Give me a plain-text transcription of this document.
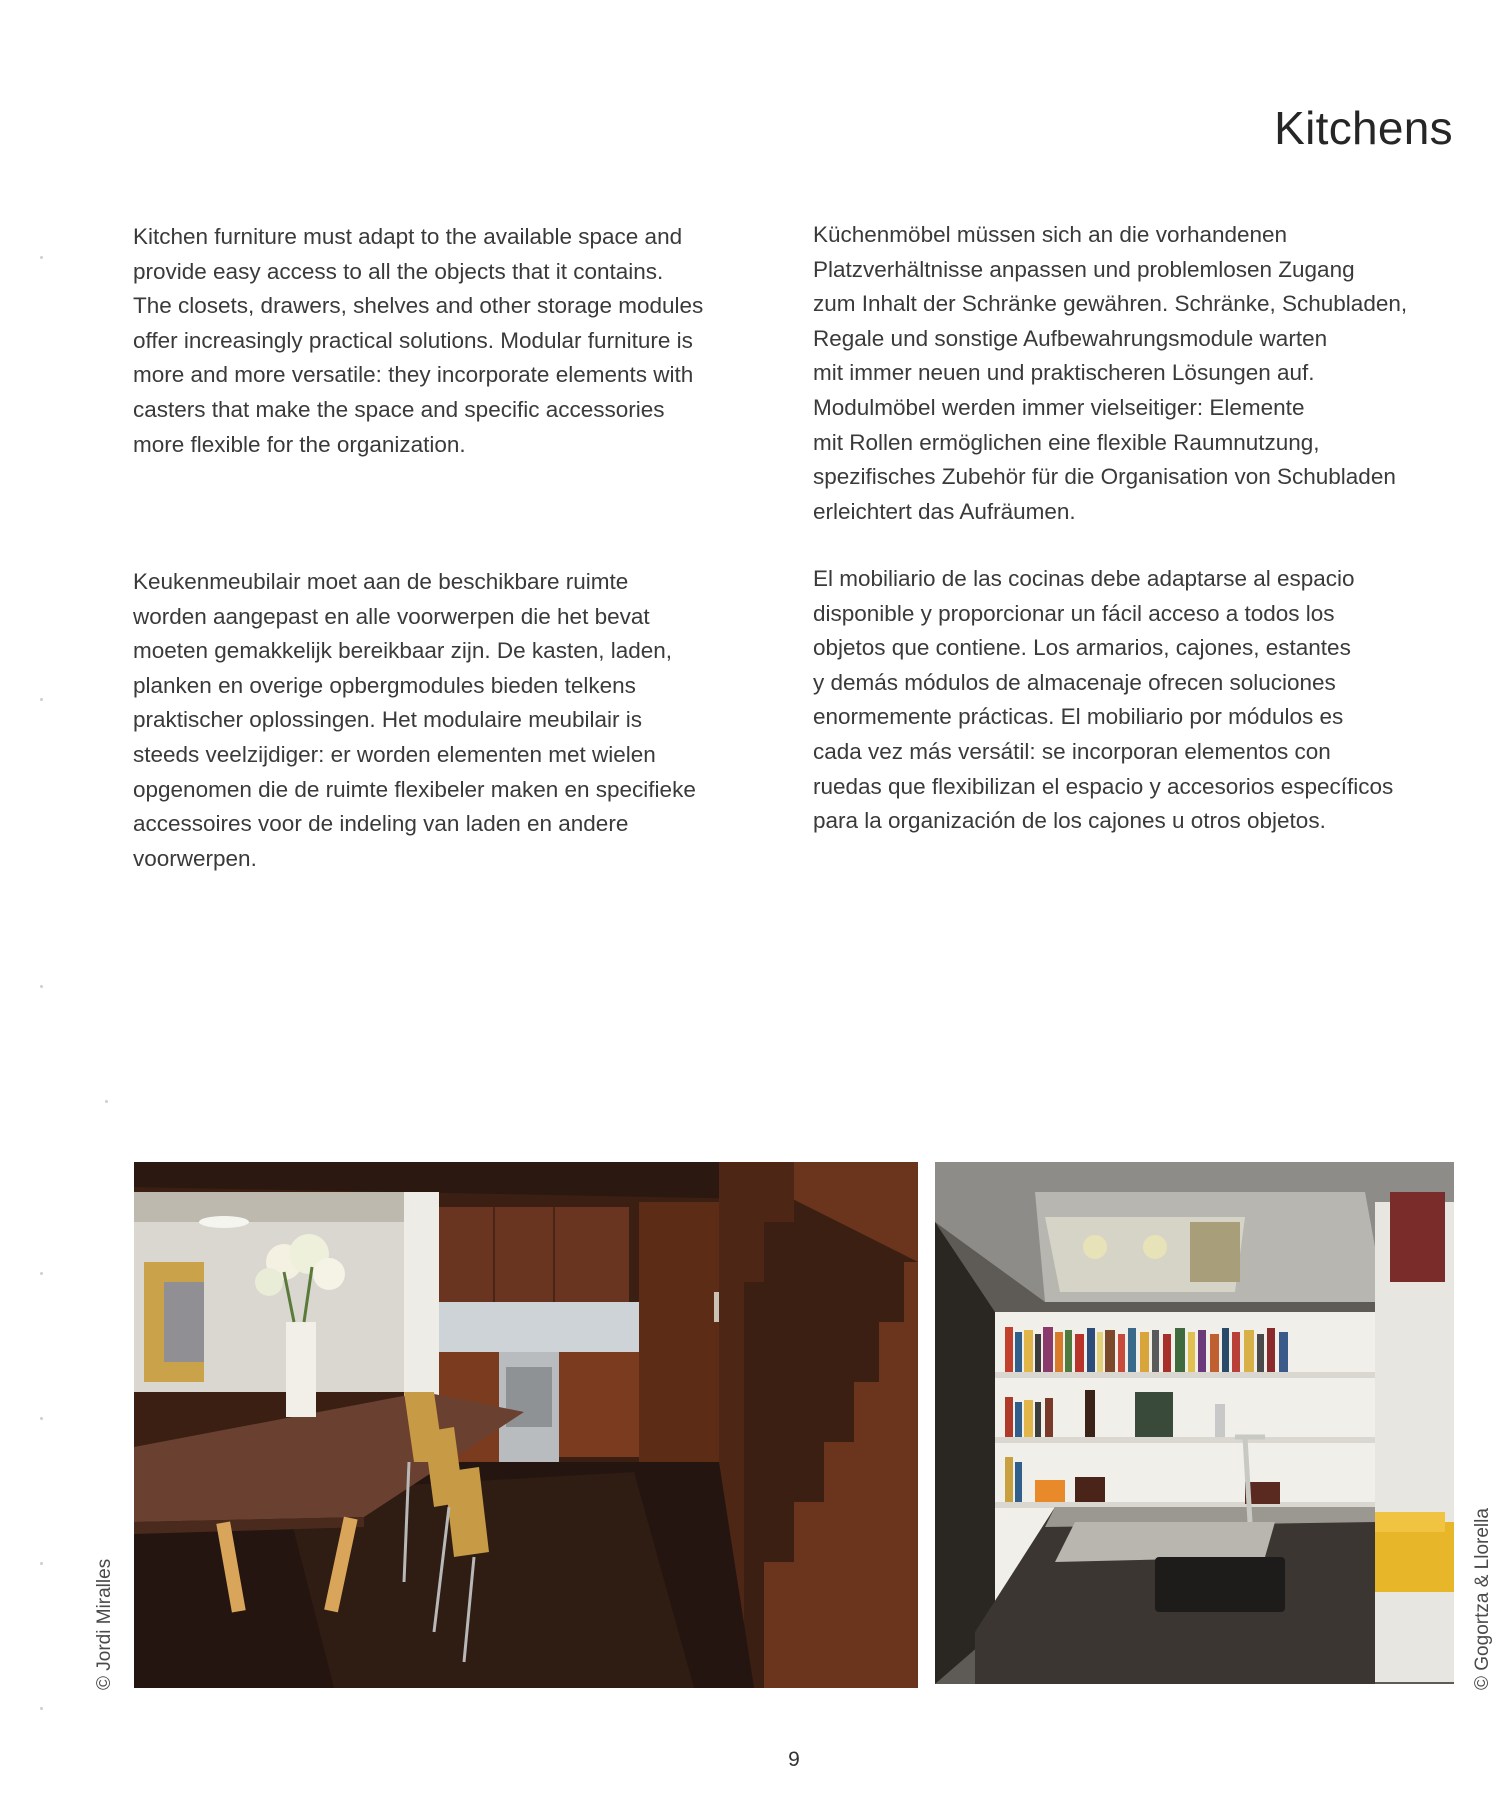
Kitchens

Kitchen furniture must adapt to the available space and
provide easy access to all the objects that it contains.
The closets, drawers, shelves and other storage modules
offer increasingly practical solutions. Modular furniture is
more and more versatile: they incorporate elements with
casters that make the space and specific accessories
more flexible for the organization.

Küchenmöbel müssen sich an die vorhandenen
Platzverhältnisse anpassen und problemlosen Zugang
zum Inhalt der Schränke gewähren. Schränke, Schubladen,
Regale und sonstige Aufbewahrungsmodule warten
mit immer neuen und praktischeren Lösungen auf.
Modulmöbel werden immer vielseitiger: Elemente
mit Rollen ermöglichen eine flexible Raumnutzung,
spezifisches Zubehör für die Organisation von Schubladen
erleichtert das Aufräumen.

Keukenmeubilair moet aan de beschikbare ruimte
worden aangepast en alle voorwerpen die het bevat
moeten gemakkelijk bereikbaar zijn. De kasten, laden,
planken en overige opbergmodules bieden telkens
praktischer oplossingen. Het modulaire meubilair is
steeds veelzijdiger: er worden elementen met wielen
opgenomen die de ruimte flexibeler maken en specifieke
accessoires voor de indeling van laden en andere
voorwerpen.

El mobiliario de las cocinas debe adaptarse al espacio
disponible y proporcionar un fácil acceso a todos los
objetos que contiene. Los armarios, cajones, estantes
y demás módulos de almacenaje ofrecen soluciones
enormemente prácticas. El mobiliario por módulos es
cada vez más versátil: se incorporan elementos con
ruedas que flexibilizan el espacio y accesorios específicos
para la organización de los cajones u otros objetos.

© Jordi Miralles	© Gogortza & Llorella
9
